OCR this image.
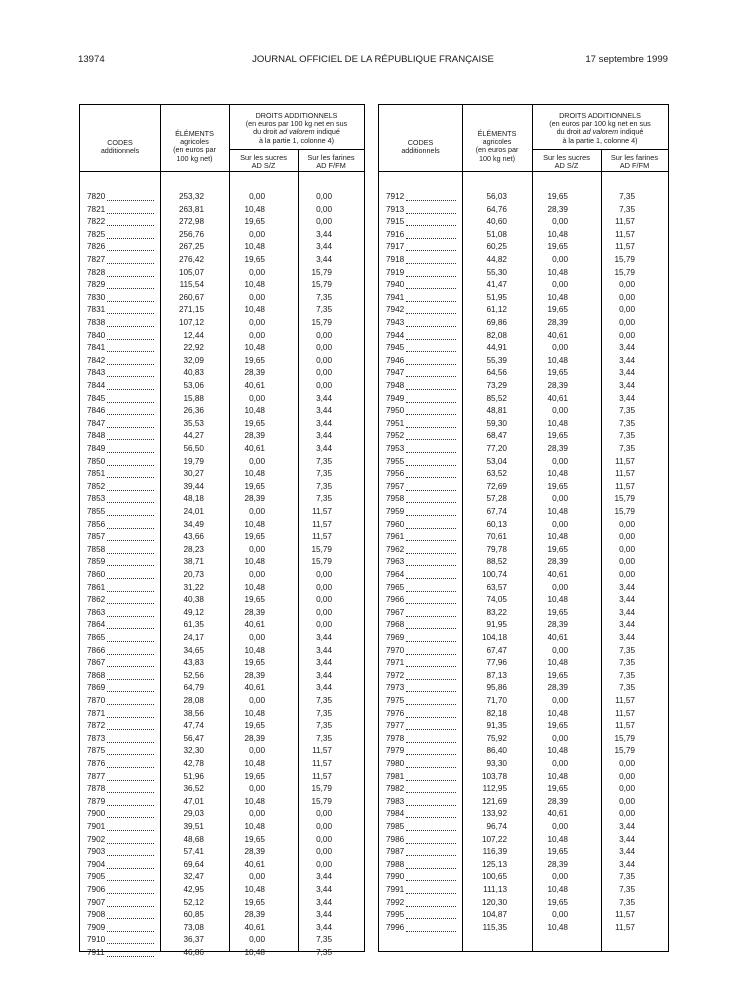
13974	JOURNAL OFFICIEL DE LA RÉPUBLIQUE FRANÇAISE	17 septembre 1999
CODES
additionnels
ÉLÉMENTS
agricoles
(en euros par
100 kg net)
DROITS ADDITIONNELS
(en euros par 100 kg net en sus
du droit ad valorem indiqué
à la partie 1, colonne 4)
Sur les sucres
AD S/Z
Sur les farines
AD F/FM
7820	253,32	0,00	0,00
7821	263,81	10,48	0,00
7822	272,98	19,65	0,00
7825	256,76	0,00	3,44
7826	267,25	10,48	3,44
7827	276,42	19,65	3,44
7828	105,07	0,00	15,79
7829	115,54	10,48	15,79
7830	260,67	0,00	7,35
7831	271,15	10,48	7,35
7838	107,12	0,00	15,79
7840	12,44	0,00	0,00
7841	22,92	10,48	0,00
7842	32,09	19,65	0,00
7843	40,83	28,39	0,00
7844	53,06	40,61	0,00
7845	15,88	0,00	3,44
7846	26,36	10,48	3,44
7847	35,53	19,65	3,44
7848	44,27	28,39	3,44
7849	56,50	40,61	3,44
7850	19,79	0,00	7,35
7851	30,27	10,48	7,35
7852	39,44	19,65	7,35
7853	48,18	28,39	7,35
7855	24,01	0,00	11,57
7856	34,49	10,48	11,57
7857	43,66	19,65	11,57
7858	28,23	0,00	15,79
7859	38,71	10,48	15,79
7860	20,73	0,00	0,00
7861	31,22	10,48	0,00
7862	40,38	19,65	0,00
7863	49,12	28,39	0,00
7864	61,35	40,61	0,00
7865	24,17	0,00	3,44
7866	34,65	10,48	3,44
7867	43,83	19,65	3,44
7868	52,56	28,39	3,44
7869	64,79	40,61	3,44
7870	28,08	0,00	7,35
7871	38,56	10,48	7,35
7872	47,74	19,65	7,35
7873	56,47	28,39	7,35
7875	32,30	0,00	11,57
7876	42,78	10,48	11,57
7877	51,96	19,65	11,57
7878	36,52	0,00	15,79
7879	47,01	10,48	15,79
7900	29,03	0,00	0,00
7901	39,51	10,48	0,00
7902	48,68	19,65	0,00
7903	57,41	28,39	0,00
7904	69,64	40,61	0,00
7905	32,47	0,00	3,44
7906	42,95	10,48	3,44
7907	52,12	19,65	3,44
7908	60,85	28,39	3,44
7909	73,08	40,61	3,44
7910	36,37	0,00	7,35
7911	46,86	10,48	7,35
CODES
additionnels
ÉLÉMENTS
agricoles
(en euros par
100 kg net)
DROITS ADDITIONNELS
(en euros par 100 kg net en sus
du droit ad valorem indiqué
à la partie 1, colonne 4)
Sur les sucres
AD S/Z
Sur les farines
AD F/FM
7912	56,03	19,65	7,35
7913	64,76	28,39	7,35
7915	40,60	0,00	11,57
7916	51,08	10,48	11,57
7917	60,25	19,65	11,57
7918	44,82	0,00	15,79
7919	55,30	10,48	15,79
7940	41,47	0,00	0,00
7941	51,95	10,48	0,00
7942	61,12	19,65	0,00
7943	69,86	28,39	0,00
7944	82,08	40,61	0,00
7945	44,91	0,00	3,44
7946	55,39	10,48	3,44
7947	64,56	19,65	3,44
7948	73,29	28,39	3,44
7949	85,52	40,61	3,44
7950	48,81	0,00	7,35
7951	59,30	10,48	7,35
7952	68,47	19,65	7,35
7953	77,20	28,39	7,35
7955	53,04	0,00	11,57
7956	63,52	10,48	11,57
7957	72,69	19,65	11,57
7958	57,28	0,00	15,79
7959	67,74	10,48	15,79
7960	60,13	0,00	0,00
7961	70,61	10,48	0,00
7962	79,78	19,65	0,00
7963	88,52	28,39	0,00
7964	100,74	40,61	0,00
7965	63,57	0,00	3,44
7966	74,05	10,48	3,44
7967	83,22	19,65	3,44
7968	91,95	28,39	3,44
7969	104,18	40,61	3,44
7970	67,47	0,00	7,35
7971	77,96	10,48	7,35
7972	87,13	19,65	7,35
7973	95,86	28,39	7,35
7975	71,70	0,00	11,57
7976	82,18	10,48	11,57
7977	91,35	19,65	11,57
7978	75,92	0,00	15,79
7979	86,40	10,48	15,79
7980	93,30	0,00	0,00
7981	103,78	10,48	0,00
7982	112,95	19,65	0,00
7983	121,69	28,39	0,00
7984	133,92	40,61	0,00
7985	96,74	0,00	3,44
7986	107,22	10,48	3,44
7987	116,39	19,65	3,44
7988	125,13	28,39	3,44
7990	100,65	0,00	7,35
7991	111,13	10,48	7,35
7992	120,30	19,65	7,35
7995	104,87	0,00	11,57
7996	115,35	10,48	11,57
